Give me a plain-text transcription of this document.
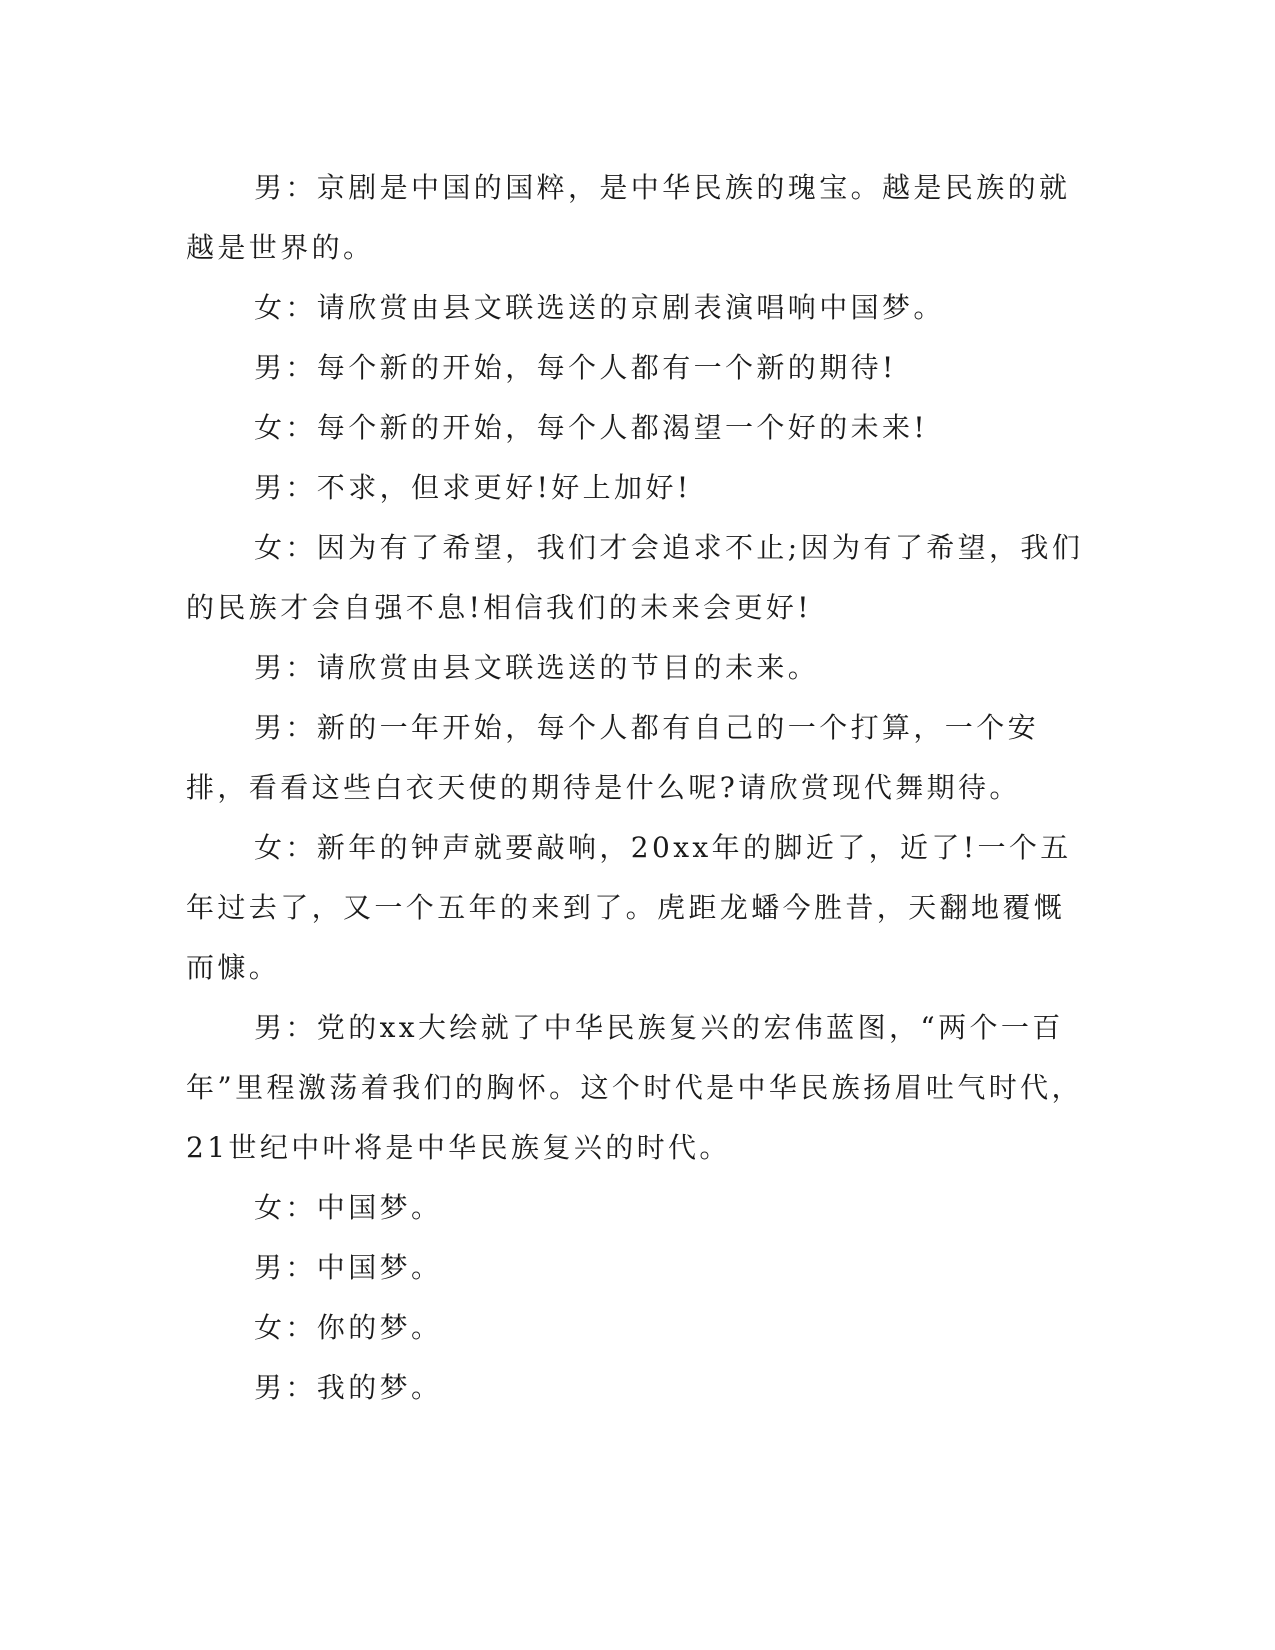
男：京剧是中国的国粹，是中华民族的瑰宝。越是民族的就越是世界的。

女：请欣赏由县文联选送的京剧表演唱响中国梦。

男：每个新的开始，每个人都有一个新的期待!

女：每个新的开始，每个人都渴望一个好的未来!

男：不求，但求更好!好上加好!

女：因为有了希望，我们才会追求不止;因为有了希望，我们的民族才会自强不息!相信我们的未来会更好!

男：请欣赏由县文联选送的节目的未来。

男：新的一年开始，每个人都有自己的一个打算，一个安排，看看这些白衣天使的期待是什么呢?请欣赏现代舞期待。

女：新年的钟声就要敲响，20xx年的脚近了，近了!一个五年过去了，又一个五年的来到了。虎距龙蟠今胜昔，天翻地覆慨而慷。

男：党的xx大绘就了中华民族复兴的宏伟蓝图，“两个一百年”里程激荡着我们的胸怀。这个时代是中华民族扬眉吐气时代，21世纪中叶将是中华民族复兴的时代。

女：中国梦。

男：中国梦。

女：你的梦。

男：我的梦。
